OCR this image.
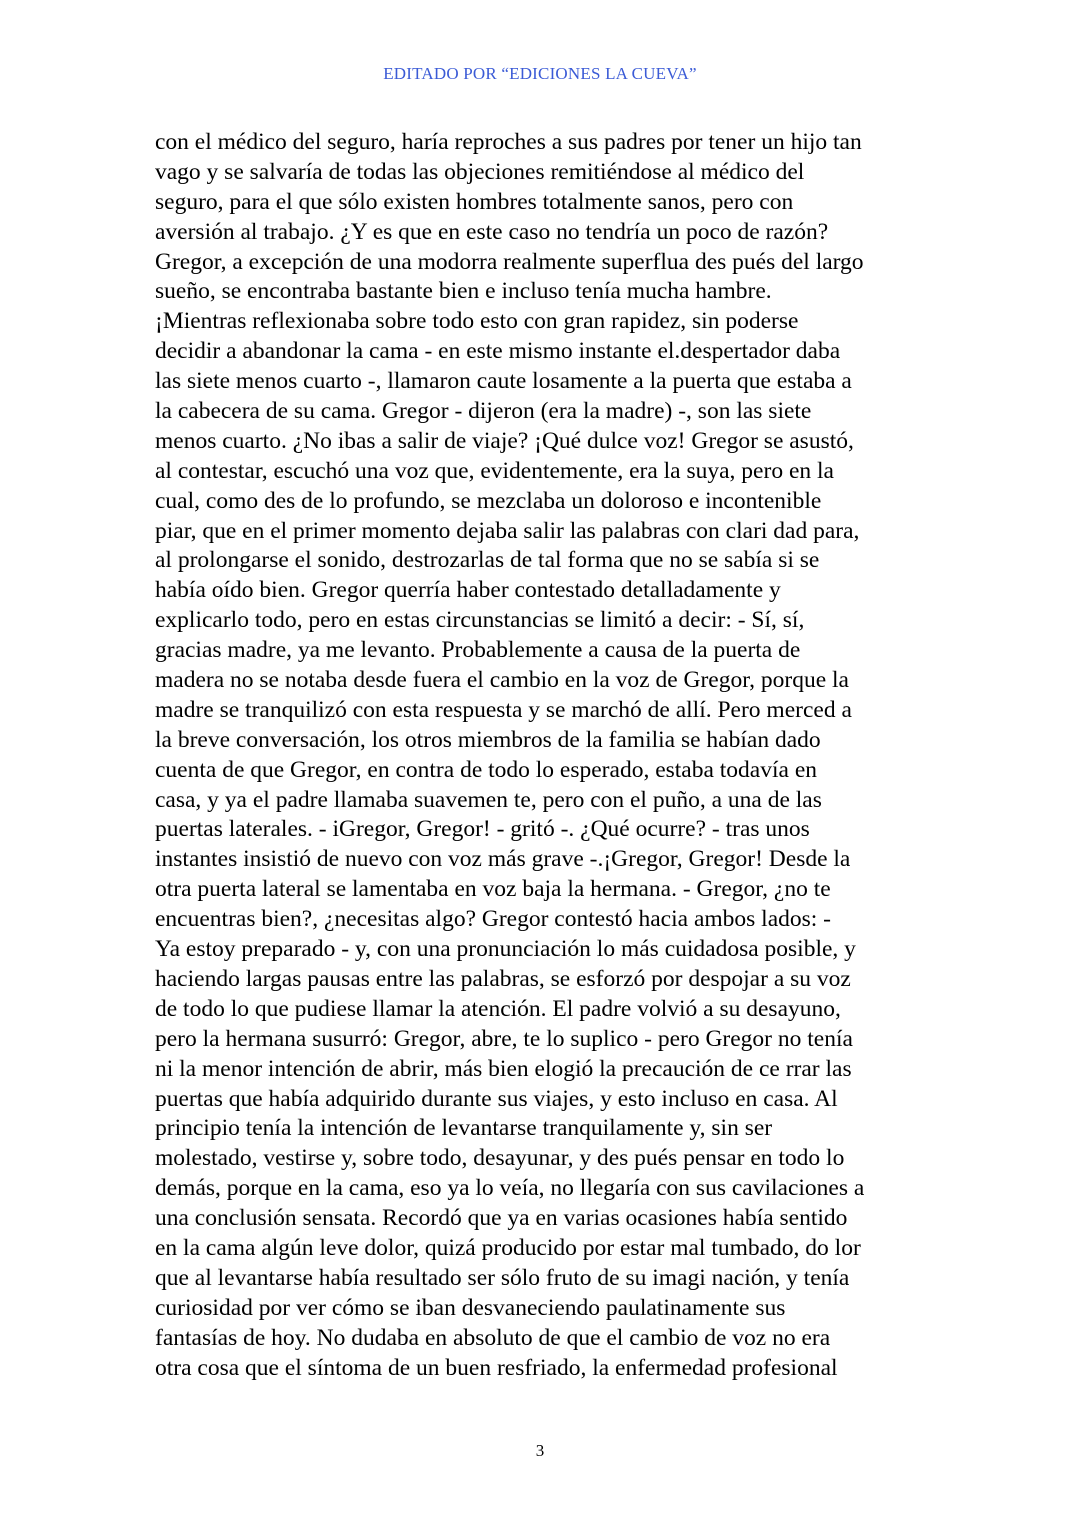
EDITADO POR “EDICIONES LA CUEVA”
con el médico del seguro, haría reproches a sus padres por tener un hijo tan
vago y se salvaría de todas las objeciones remitiéndose al médico del
seguro, para el que sólo existen hombres totalmente sanos, pero con
aversión al trabajo. ¿Y es que en este caso no tendría un poco de razón?
Gregor, a excepción de una modorra realmente superflua des pués del largo
sueño, se encontraba bastante bien e incluso tenía mucha hambre.
¡Mientras reflexionaba sobre todo esto con gran rapidez, sin poderse
decidir a abandonar la cama - en este mismo instante el.despertador daba
las siete menos cuarto -, llamaron caute losamente a la puerta que estaba a
la cabecera de su cama. Gregor - dijeron (era la madre) -, son las siete
menos cuarto. ¿No ibas a salir de viaje? ¡Qué dulce voz! Gregor se asustó,
al contestar, escuchó una voz que, evidentemente, era la suya, pero en la
cual, como des de lo profundo, se mezclaba un doloroso e incontenible
piar, que en el primer momento dejaba salir las palabras con clari dad para,
al prolongarse el sonido, destrozarlas de tal forma que no se sabía si se
había oído bien. Gregor querría haber contestado detalladamente y
explicarlo todo, pero en estas circunstancias se limitó a decir: - Sí, sí,
gracias madre, ya me levanto. Probablemente a causa de la puerta de
madera no se notaba desde fuera el cambio en la voz de Gregor, porque la
madre se tranquilizó con esta respuesta y se marchó de allí. Pero merced a
la breve conversación, los otros miembros de la familia se habían dado
cuenta de que Gregor, en contra de todo lo esperado, estaba todavía en
casa, y ya el padre llamaba suavemen te, pero con el puño, a una de las
puertas laterales. - iGregor, Gregor! - gritó -. ¿Qué ocurre? - tras unos
instantes insistió de nuevo con voz más grave -.¡Gregor, Gregor! Desde la
otra puerta lateral se lamentaba en voz baja la hermana. - Gregor, ¿no te
encuentras bien?, ¿necesitas algo? Gregor contestó hacia ambos lados: -
Ya estoy preparado - y, con una pronunciación lo más cuidadosa posible, y
haciendo largas pausas entre las palabras, se esforzó por despojar a su voz
de todo lo que pudiese llamar la atención. El padre volvió a su desayuno,
pero la hermana susurró: Gregor, abre, te lo suplico - pero Gregor no tenía
ni la menor intención de abrir, más bien elogió la precaución de ce rrar las
puertas que había adquirido durante sus viajes, y esto incluso en casa. Al
principio tenía la intención de levantarse tranquilamente y, sin ser
molestado, vestirse y, sobre todo, desayunar, y des pués pensar en todo lo
demás, porque en la cama, eso ya lo veía, no llegaría con sus cavilaciones a
una conclusión sensata. Recordó que ya en varias ocasiones había sentido
en la cama algún leve dolor, quizá producido por estar mal tumbado, do lor
que al levantarse había resultado ser sólo fruto de su imagi nación, y tenía
curiosidad por ver cómo se iban desvaneciendo paulatinamente sus
fantasías de hoy. No dudaba en absoluto de que el cambio de voz no era
otra cosa que el síntoma de un buen resfriado, la enfermedad profesional
3
